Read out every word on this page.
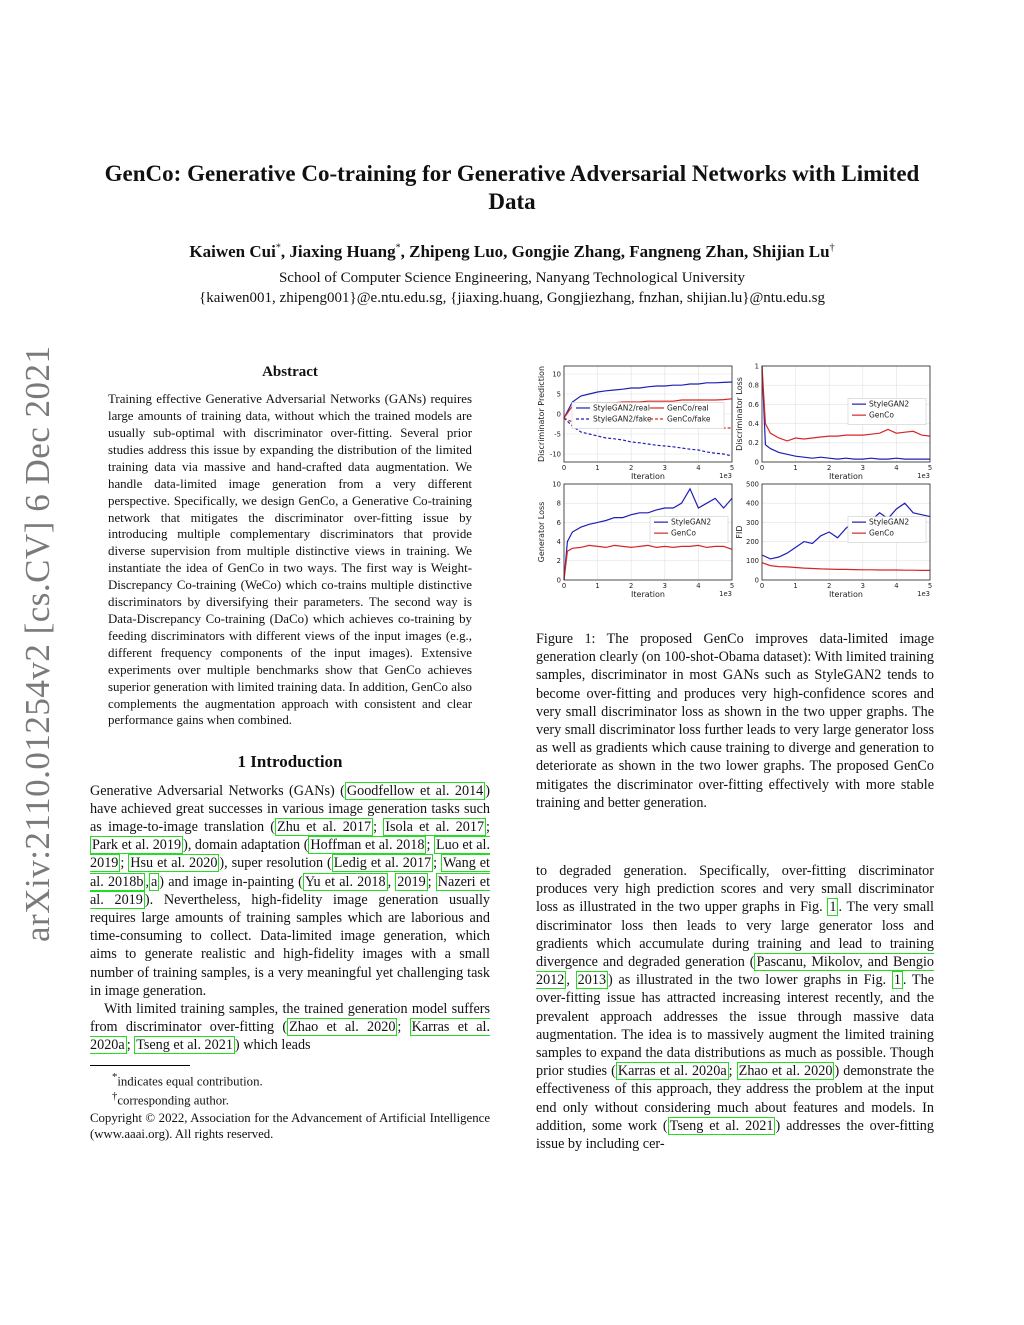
arXiv:2110.01254v2 [cs.CV] 6 Dec 2021
GenCo: Generative Co-training for Generative Adversarial Networks with Limited Data
Kaiwen Cui*, Jiaxing Huang*, Zhipeng Luo, Gongjie Zhang, Fangneng Zhan, Shijian Lu†
School of Computer Science Engineering, Nanyang Technological University
{kaiwen001, zhipeng001}@e.ntu.edu.sg, {jiaxing.huang, Gongjiezhang, fnzhan, shijian.lu}@ntu.edu.sg
Abstract

Training effective Generative Adversarial Networks (GANs) requires large amounts of training data, without which the trained models are usually sub-optimal with discriminator over-fitting. Several prior studies address this issue by expanding the distribution of the limited training data via massive and hand-crafted data augmentation. We handle data-limited image generation from a very different perspective. Specifically, we design GenCo, a Generative Co-training network that mitigates the discriminator over-fitting issue by introducing multiple complementary discriminators that provide diverse supervision from multiple distinctive views in training. We instantiate the idea of GenCo in two ways. The first way is Weight-Discrepancy Co-training (WeCo) which co-trains multiple distinctive discriminators by diversifying their parameters. The second way is Data-Discrepancy Co-training (DaCo) which achieves co-training by feeding discriminators with different views of the input images (e.g., different frequency components of the input images). Extensive experiments over multiple benchmarks show that GenCo achieves superior generation with limited training data. In addition, GenCo also complements the augmentation approach with consistent and clear performance gains when combined.

1 Introduction

Generative Adversarial Networks (GANs) ( Goodfellow et al. 2014 ) have achieved great successes in various image generation tasks such as image-to-image translation ( Zhu et al. 2017 ; Isola et al. 2017 ; Park et al. 2019 ), domain adaptation ( Hoffman et al. 2018 ; Luo et al. 2019 ; Hsu et al. 2020 ), super resolution ( Ledig et al. 2017 ; Wang et al. 2018b , a ) and image in-painting ( Yu et al. 2018 , 2019 ; Nazeri et al. 2019 ). Nevertheless, high-fidelity image generation usually requires large amounts of training samples which are laborious and time-consuming to collect. Data-limited image generation, which aims to generate realistic and high-fidelity images with a small number of training samples, is a very meaningful yet challenging task in image generation.

With limited training samples, the trained generation model suffers from discriminator over-fitting ( Zhao et al. 2020 ; Karras et al. 2020a ; Tseng et al. 2021 ) which leads

*indicates equal contribution.

†corresponding author.

Copyright © 2022, Association for the Advancement of Artificial Intelligence (www.aaai.org). All rights reserved.

0	1	2	3	4	5
-10
-5
0
5
10
Iteration	1e3
Discriminator Prediction	StyleGAN2/real
StyleGAN2/fake
GenCo/real
GenCo/fake
0	1	2	3	4	5
0
0.2
0.4
0.6
0.8
1
Iteration	1e3
Discriminator Loss	StyleGAN2
GenCo
0	1	2	3	4	5
0
2
4
6
8
10
Iteration	1e3
Generator Loss	StyleGAN2
GenCo
0	1	2	3	4	5
0
100
200
300
400
500
Iteration	1e3
FID
StyleGAN2
GenCo

Figure 1: The proposed GenCo improves data-limited image generation clearly (on 100-shot-Obama dataset): With limited training samples, discriminator in most GANs such as StyleGAN2 tends to become over-fitting and produces very high-confidence scores and very small discriminator loss as shown in the two upper graphs. The very small discriminator loss further leads to very large generator loss as well as gradients which cause training to diverge and generation to deteriorate as shown in the two lower graphs. The proposed GenCo mitigates the discriminator over-fitting effectively with more stable training and better generation.

to degraded generation. Specifically, over-fitting discriminator produces very high prediction scores and very small discriminator loss as illustrated in the two upper graphs in Fig. 1 . The very small discriminator loss then leads to very large generator loss and gradients which accumulate during training and lead to training divergence and degraded generation ( Pascanu, Mikolov, and Bengio 2012 , 2013 ) as illustrated in the two lower graphs in Fig. 1 . The over-fitting issue has attracted increasing interest recently, and the prevalent approach addresses the issue through massive data augmentation. The idea is to massively augment the limited training samples to expand the data distributions as much as possible. Though prior studies ( Karras et al. 2020a ; Zhao et al. 2020 ) demonstrate the effectiveness of this approach, they address the problem at the input end only without considering much about features and models. In addition, some work ( Tseng et al. 2021 ) addresses the over-fitting issue by including cer-
